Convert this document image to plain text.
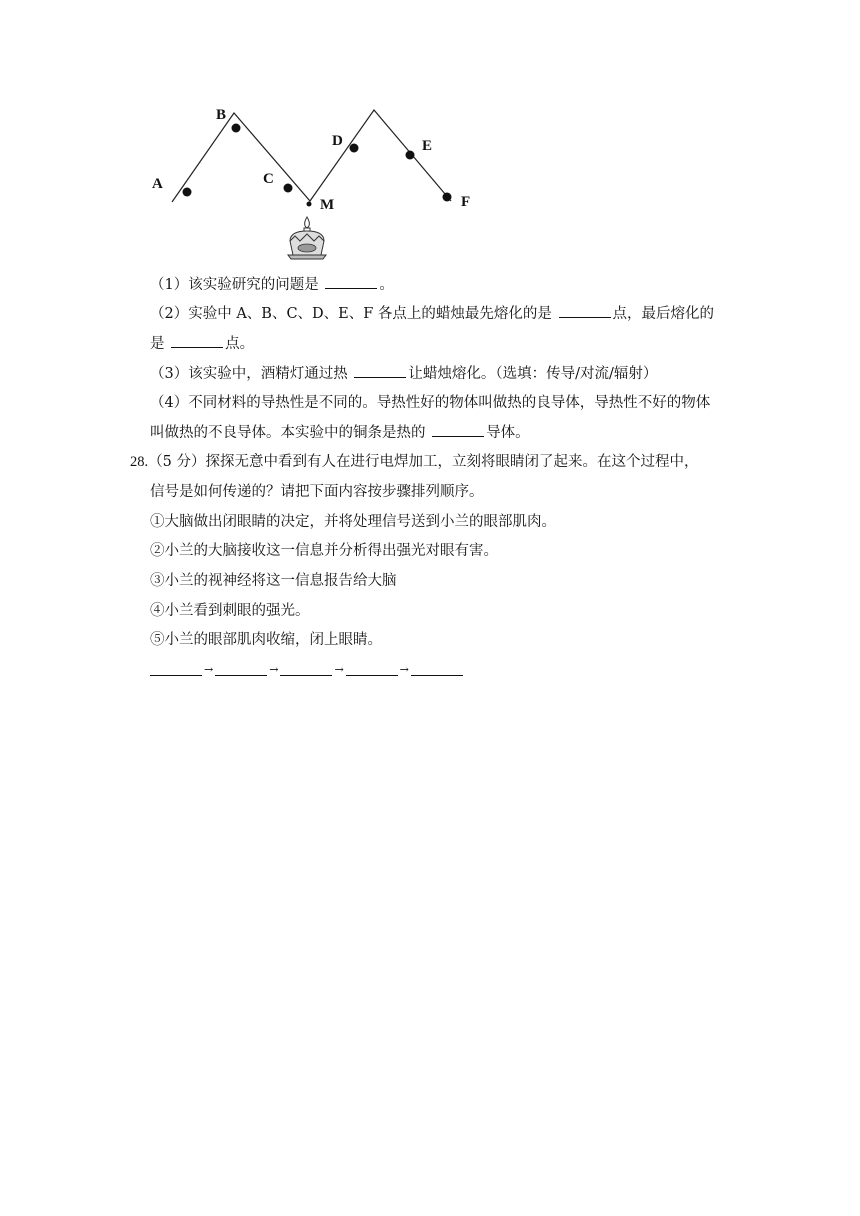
A
B
C
D	E
F
M
（1）该实验研究的问题是	。
（2）实验中 A、B、C、D、E、F 各点上的蜡烛最先熔化的是	点，最后熔化的
是	点。
（3）该实验中，酒精灯通过热	让蜡烛熔化。（选填：传导/对流/辐射）
（4）不同材料的导热性是不同的。导热性好的物体叫做热的良导体，导热性不好的物体
叫做热的不良导体。本实验中的铜条是热的	导体。
28.（5 分）探探无意中看到有人在进行电焊加工，立刻将眼睛闭了起来。在这个过程中，
信号是如何传递的？请把下面内容按步骤排列顺序。
①大脑做出闭眼睛的决定，并将处理信号送到小兰的眼部肌肉。
②小兰的大脑接收这一信息并分析得出强光对眼有害。
③小兰的视神经将这一信息报告给大脑
④小兰看到刺眼的强光。
⑤小兰的眼部肌肉收缩，闭上眼睛。
→	→	→	→
